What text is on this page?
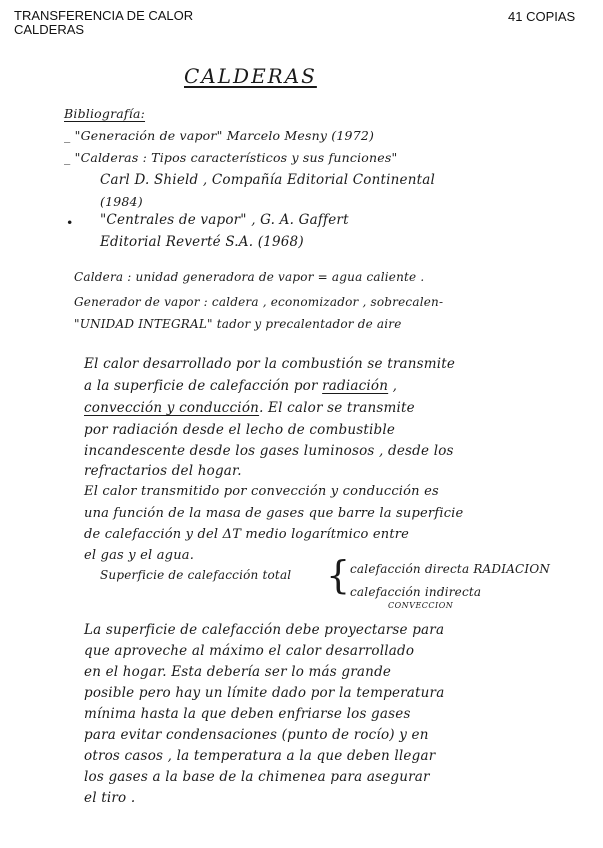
TRANSFERENCIA DE CALOR
CALDERAS
41 COPIAS
CALDERAS
Bibliografía:
_ "Generación de vapor" Marcelo Mesny (1972)
_ "Calderas : Tipos característicos y sus funciones"
Carl D. Shield , Compañía Editorial Continental
(1984)
• "Centrales de vapor" , G. A. Gaffert
Editorial Reverté S.A. (1968)
Caldera : unidad generadora de vapor = agua caliente .
Generador de vapor : caldera , economizador , sobrecalen-
"UNIDAD INTEGRAL" tador y precalentador de aire
El calor desarrollado por la combustión se transmite
a la superficie de calefacción por radiación ,
convección y conducción. El calor se transmite
por radiación desde el lecho de combustible
incandescente desde los gases luminosos , desde los
refractarios del hogar.
El calor transmitido por convección y conducción es
una función de la masa de gases que barre la superficie
de calefacción y del ΔT medio logarítmico entre
el gas y el agua.
Superficie de calefacción total { calefacción directa RADIACION
calefacción indirecta
CONVECCION
La superficie de calefacción debe proyectarse para
que aproveche al máximo el calor desarrollado
en el hogar. Esta debería ser lo más grande
posible pero hay un límite dado por la temperatura
mínima hasta la que deben enfriarse los gases
para evitar condensaciones (punto de rocío) y en
otros casos , la temperatura a la que deben llegar
los gases a la base de la chimenea para asegurar
el tiro .
